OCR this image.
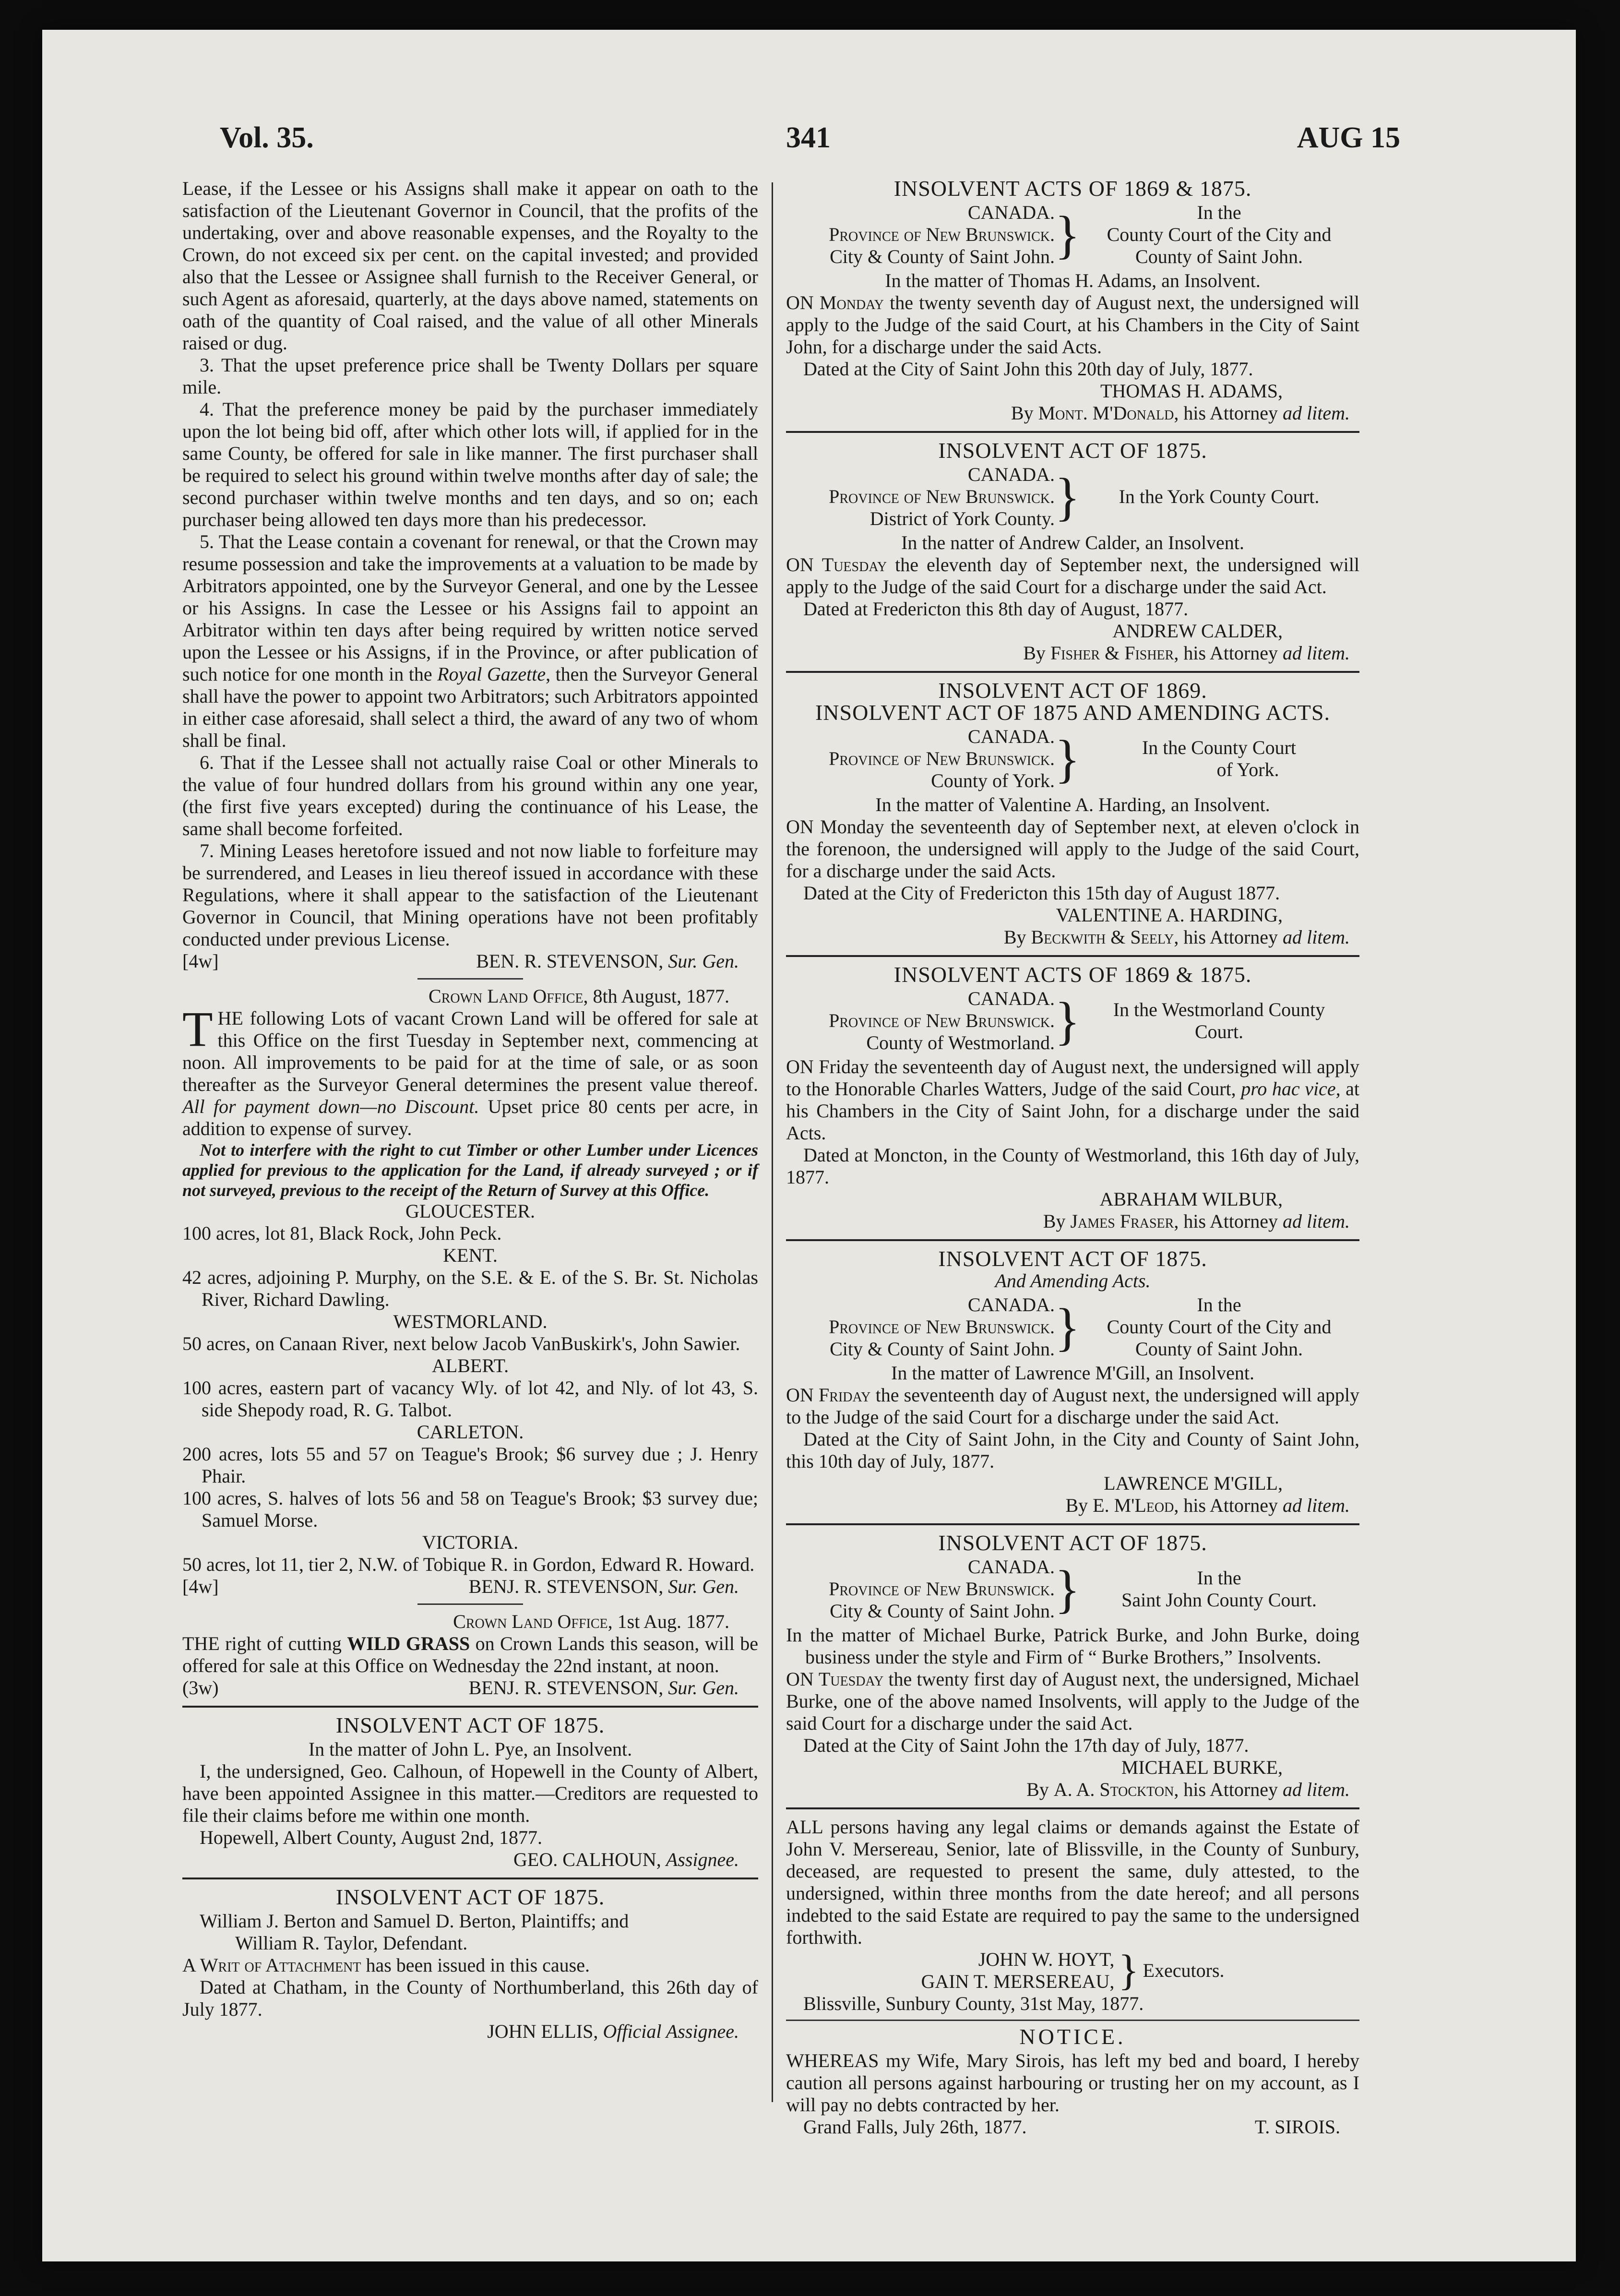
Vol. 35.	341	AUG 15

Lease, if the Lessee or his Assigns shall make it appear on oath to the satisfaction of the Lieutenant Governor in Council, that the profits of the undertaking, over and above reasonable expenses, and the Royalty to the Crown, do not exceed six per cent. on the capital invested; and provided also that the Lessee or Assignee shall furnish to the Receiver General, or such Agent as aforesaid, quarterly, at the days above named, statements on oath of the quantity of Coal raised, and the value of all other Minerals raised or dug.

3. That the upset preference price shall be Twenty Dollars per square mile.

4. That the preference money be paid by the purchaser immediately upon the lot being bid off, after which other lots will, if applied for in the same County, be offered for sale in like manner. The first purchaser shall be required to select his ground within twelve months after day of sale; the second purchaser within twelve months and ten days, and so on; each purchaser being allowed ten days more than his predecessor.

5. That the Lease contain a covenant for renewal, or that the Crown may resume possession and take the improvements at a valuation to be made by Arbitrators appointed, one by the Surveyor General, and one by the Lessee or his Assigns. In case the Lessee or his Assigns fail to appoint an Arbitrator within ten days after being required by written notice served upon the Lessee or his Assigns, if in the Province, or after publication of such notice for one month in the Royal Gazette, then the Surveyor General shall have the power to appoint two Arbitrators; such Arbitrators appointed in either case aforesaid, shall select a third, the award of any two of whom shall be final.

6. That if the Lessee shall not actually raise Coal or other Minerals to the value of four hundred dollars from his ground within any one year, (the first five years excepted) during the continuance of his Lease, the same shall become forfeited.

7. Mining Leases heretofore issued and not now liable to forfeiture may be surrendered, and Leases in lieu thereof issued in accordance with these Regulations, where it shall appear to the satisfaction of the Lieutenant Governor in Council, that Mining operations have not been profitably conducted under previous License.

[4w]	BEN. R. STEVENSON, Sur. Gen.

Crown Land Office, 8th August, 1877.

THE following Lots of vacant Crown Land will be offered for sale at this Office on the first Tuesday in September next, commencing at noon. All improvements to be paid for at the time of sale, or as soon thereafter as the Surveyor General determines the present value thereof. All for payment down—no Discount. Upset price 80 cents per acre, in addition to expense of survey.

Not to interfere with the right to cut Timber or other Lumber under Licences applied for previous to the application for the Land, if already surveyed ; or if not surveyed, previous to the receipt of the Return of Survey at this Office.

GLOUCESTER.

100 acres, lot 81, Black Rock, John Peck.

KENT.

42 acres, adjoining P. Murphy, on the S.E. & E. of the S. Br. St. Nicholas River, Richard Dawling.

WESTMORLAND.

50 acres, on Canaan River, next below Jacob VanBuskirk's, John Sawier.

ALBERT.

100 acres, eastern part of vacancy Wly. of lot 42, and Nly. of lot 43, S. side Shepody road, R. G. Talbot.

CARLETON.

200 acres, lots 55 and 57 on Teague's Brook; $6 survey due ; J. Henry Phair.

100 acres, S. halves of lots 56 and 58 on Teague's Brook; $3 survey due; Samuel Morse.

VICTORIA.

50 acres, lot 11, tier 2, N.W. of Tobique R. in Gordon, Edward R. Howard.

[4w]	BENJ. R. STEVENSON, Sur. Gen.

Crown Land Office, 1st Aug. 1877.

THE right of cutting WILD GRASS on Crown Lands this season, will be offered for sale at this Office on Wednesday the 22nd instant, at noon.

(3w)	BENJ. R. STEVENSON, Sur. Gen.

INSOLVENT ACT OF 1875.

In the matter of John L. Pye, an Insolvent.

I, the undersigned, Geo. Calhoun, of Hopewell in the County of Albert, have been appointed Assignee in this matter.—Creditors are requested to file their claims before me within one month.

Hopewell, Albert County, August 2nd, 1877.

GEO. CALHOUN, Assignee.

INSOLVENT ACT OF 1875.

William J. Berton and Samuel D. Berton, Plaintiffs; and

William R. Taylor, Defendant.

A Writ of Attachment has been issued in this cause.

Dated at Chatham, in the County of Northumberland, this 26th day of July 1877.

JOHN ELLIS, Official Assignee.

INSOLVENT ACTS OF 1869 & 1875.

CANADA.
Province of New Brunswick.
City & County of Saint John. }	In the
County Court of the City and
County of Saint John.

In the matter of Thomas H. Adams, an Insolvent.

ON Monday the twenty seventh day of August next, the undersigned will apply to the Judge of the said Court, at his Chambers in the City of Saint John, for a discharge under the said Acts.

Dated at the City of Saint John this 20th day of July, 1877.

THOMAS H. ADAMS,

By Mont. M'Donald, his Attorney ad litem.

INSOLVENT ACT OF 1875.

CANADA.
Province of New Brunswick.
District of York County. }	In the York County Court.

In the natter of Andrew Calder, an Insolvent.

ON Tuesday the eleventh day of September next, the undersigned will apply to the Judge of the said Court for a discharge under the said Act.

Dated at Fredericton this 8th day of August, 1877.

ANDREW CALDER,

By Fisher & Fisher, his Attorney ad litem.

INSOLVENT ACT OF 1869.

INSOLVENT ACT OF 1875 AND AMENDING ACTS.

CANADA.
Province of New Brunswick.
County of York. }	In the County Court
of York.

In the matter of Valentine A. Harding, an Insolvent.

ON Monday the seventeenth day of September next, at eleven o'clock in the forenoon, the undersigned will apply to the Judge of the said Court, for a discharge under the said Acts.

Dated at the City of Fredericton this 15th day of August 1877.

VALENTINE A. HARDING,

By Beckwith & Seely, his Attorney ad litem.

INSOLVENT ACTS OF 1869 & 1875.

CANADA.
Province of New Brunswick.
County of Westmorland. }	In the Westmorland County
Court.

ON Friday the seventeenth day of August next, the undersigned will apply to the Honorable Charles Watters, Judge of the said Court, pro hac vice, at his Chambers in the City of Saint John, for a discharge under the said Acts.

Dated at Moncton, in the County of Westmorland, this 16th day of July, 1877.

ABRAHAM WILBUR,

By James Fraser, his Attorney ad litem.

INSOLVENT ACT OF 1875.

And Amending Acts.

CANADA.
Province of New Brunswick.
City & County of Saint John. }	In the
County Court of the City and
County of Saint John.

In the matter of Lawrence M'Gill, an Insolvent.

ON Friday the seventeenth day of August next, the undersigned will apply to the Judge of the said Court for a discharge under the said Act.

Dated at the City of Saint John, in the City and County of Saint John, this 10th day of July, 1877.

LAWRENCE M'GILL,

By E. M'Leod, his Attorney ad litem.

INSOLVENT ACT OF 1875.

CANADA.
Province of New Brunswick.
City & County of Saint John. }	In the
Saint John County Court.

In the matter of Michael Burke, Patrick Burke, and John Burke, doing business under the style and Firm of “ Burke Brothers,” Insolvents.

ON Tuesday the twenty first day of August next, the undersigned, Michael Burke, one of the above named Insolvents, will apply to the Judge of the said Court for a discharge under the said Act.

Dated at the City of Saint John the 17th day of July, 1877.

MICHAEL BURKE,

By A. A. Stockton, his Attorney ad litem.

ALL persons having any legal claims or demands against the Estate of John V. Mersereau, Senior, late of Blissville, in the County of Sunbury, deceased, are requested to present the same, duly attested, to the undersigned, within three months from the date hereof; and all persons indebted to the said Estate are required to pay the same to the undersigned forthwith.

JOHN W. HOYT,
GAIN T. MERSEREAU, } Executors.

Blissville, Sunbury County, 31st May, 1877.

NOTICE.

WHEREAS my Wife, Mary Sirois, has left my bed and board, I hereby caution all persons against harbouring or trusting her on my account, as I will pay no debts contracted by her.

Grand Falls, July 26th, 1877.	T. SIROIS.
